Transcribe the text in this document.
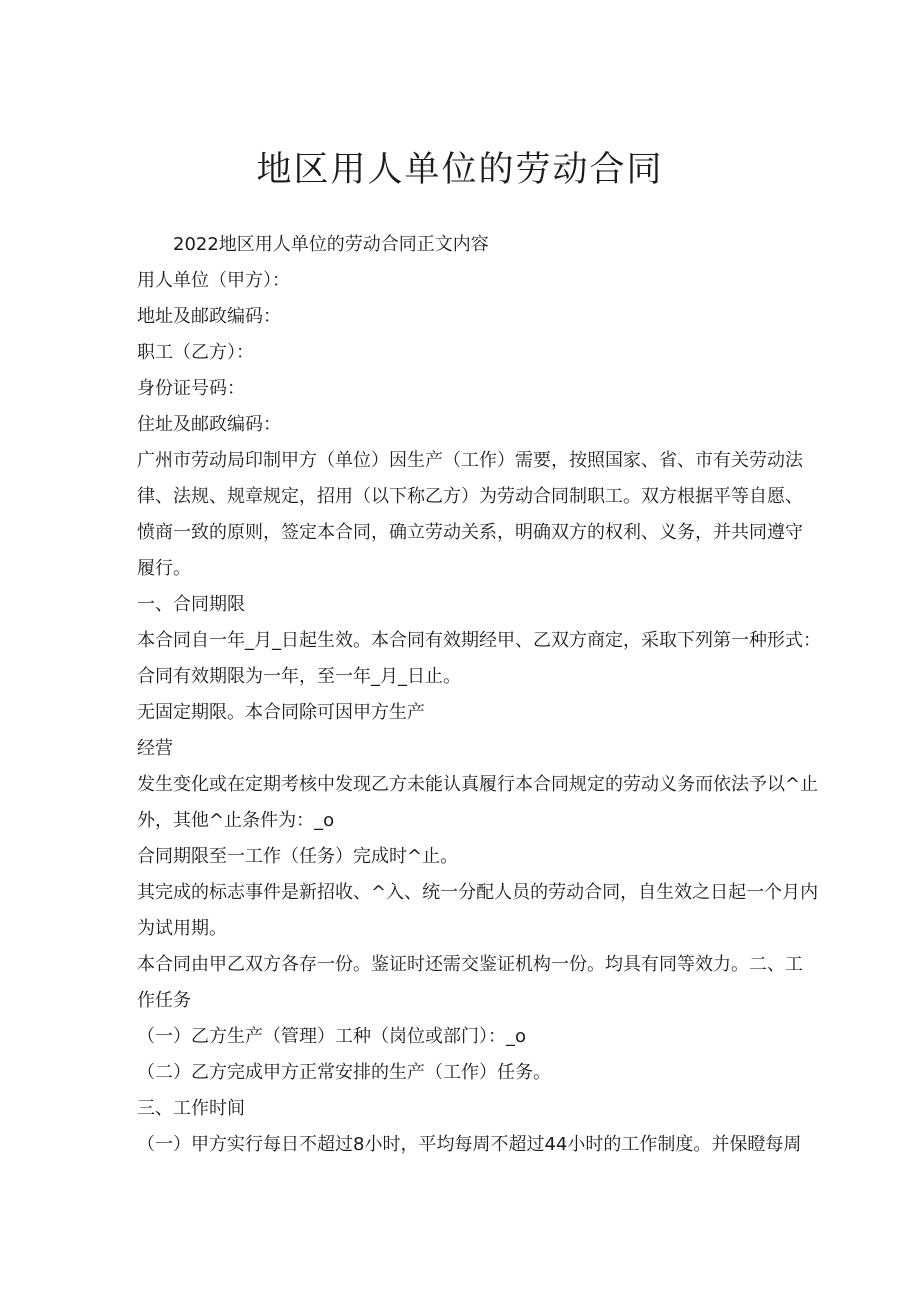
地区用人单位的劳动合同

2022地区用人单位的劳动合同正文内容

用人单位（甲方）：

地址及邮政编码：

职工（乙方）：

身份证号码：

住址及邮政编码：

广州市劳动局印制甲方（单位）因生产（工作）需要，按照国家、省、市有关劳动法

律、法规、规章规定，招用（以下称乙方）为劳动合同制职工。双方根据平等自愿、

愤商一致的原则，签定本合同，确立劳动关系，明确双方的权利、义务，并共同遵守

履行。

一、合同期限

本合同自一年_月_日起生效。本合同有效期经甲、乙双方商定，采取下列第一种形式：

合同有效期限为一年，至一年_月_日止。

无固定期限。本合同除可因甲方生产

经营

发生变化或在定期考核中发现乙方未能认真履行本合同规定的劳动义务而依法予以^止

外，其他^止条件为：_o

合同期限至一工作（任务）完成时^止。

其完成的标志事件是新招收、^入、统一分配人员的劳动合同，自生效之日起一个月内

为试用期。

本合同由甲乙双方各存一份。鉴证时还需交鉴证机构一份。均具有同等效力。二、工

作任务

（一）乙方生产（管理）工种（岗位或部门）：_o

（二）乙方完成甲方正常安排的生产（工作）任务。

三、工作时间

（一）甲方实行每日不超过8小时，平均每周不超过44小时的工作制度。并保瞪每周
